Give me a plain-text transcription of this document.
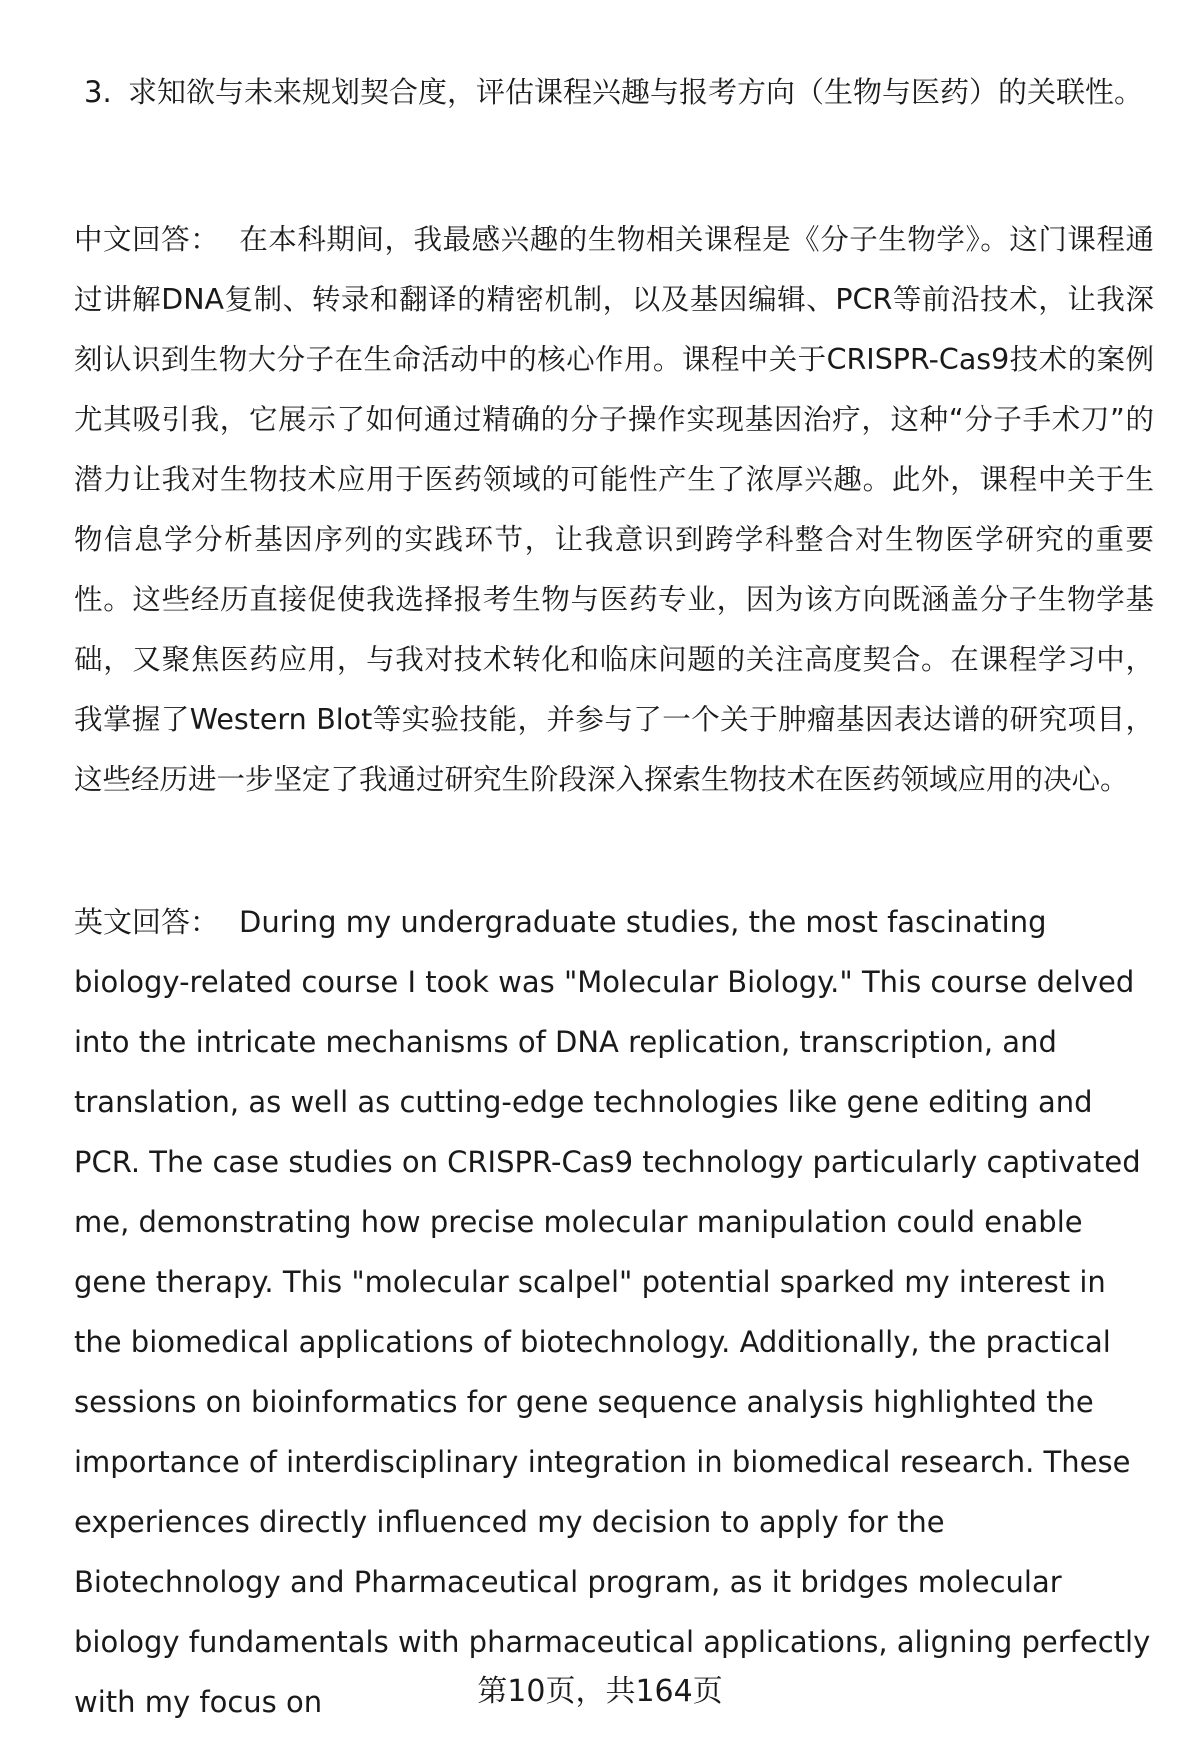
3. 求知欲与未来规划契合度，评估课程兴趣与报考方向（生物与医药）的关联性。
中文回答： 在本科期间，我最感兴趣的生物相关课程是《分子生物学》。这门课程通过讲解DNA复制、转录和翻译的精密机制，以及基因编辑、PCR等前沿技术，让我深刻认识到生物大分子在生命活动中的核心作用。课程中关于CRISPR-Cas9技术的案例尤其吸引我，它展示了如何通过精确的分子操作实现基因治疗，这种“分子手术刀”的潜力让我对生物技术应用于医药领域的可能性产生了浓厚兴趣。此外，课程中关于生物信息学分析基因序列的实践环节，让我意识到跨学科整合对生物医学研究的重要性。这些经历直接促使我选择报考生物与医药专业，因为该方向既涵盖分子生物学基础，又聚焦医药应用，与我对技术转化和临床问题的关注高度契合。在课程学习中，我掌握了Western Blot等实验技能，并参与了一个关于肿瘤基因表达谱的研究项目，这些经历进一步坚定了我通过研究生阶段深入探索生物技术在医药领域应用的决心。
英文回答： During my undergraduate studies, the most fascinating biology-related course I took was "Molecular Biology." This course delved into the intricate mechanisms of DNA replication, transcription, and translation, as well as cutting-edge technologies like gene editing and PCR. The case studies on CRISPR-Cas9 technology particularly captivated me, demonstrating how precise molecular manipulation could enable gene therapy. This "molecular scalpel" potential sparked my interest in the biomedical applications of biotechnology. Additionally, the practical sessions on bioinformatics for gene sequence analysis highlighted the importance of interdisciplinary integration in biomedical research. These experiences directly influenced my decision to apply for the Biotechnology and Pharmaceutical program, as it bridges molecular biology fundamentals with pharmaceutical applications, aligning perfectly with my focus on	第10页，共164页
